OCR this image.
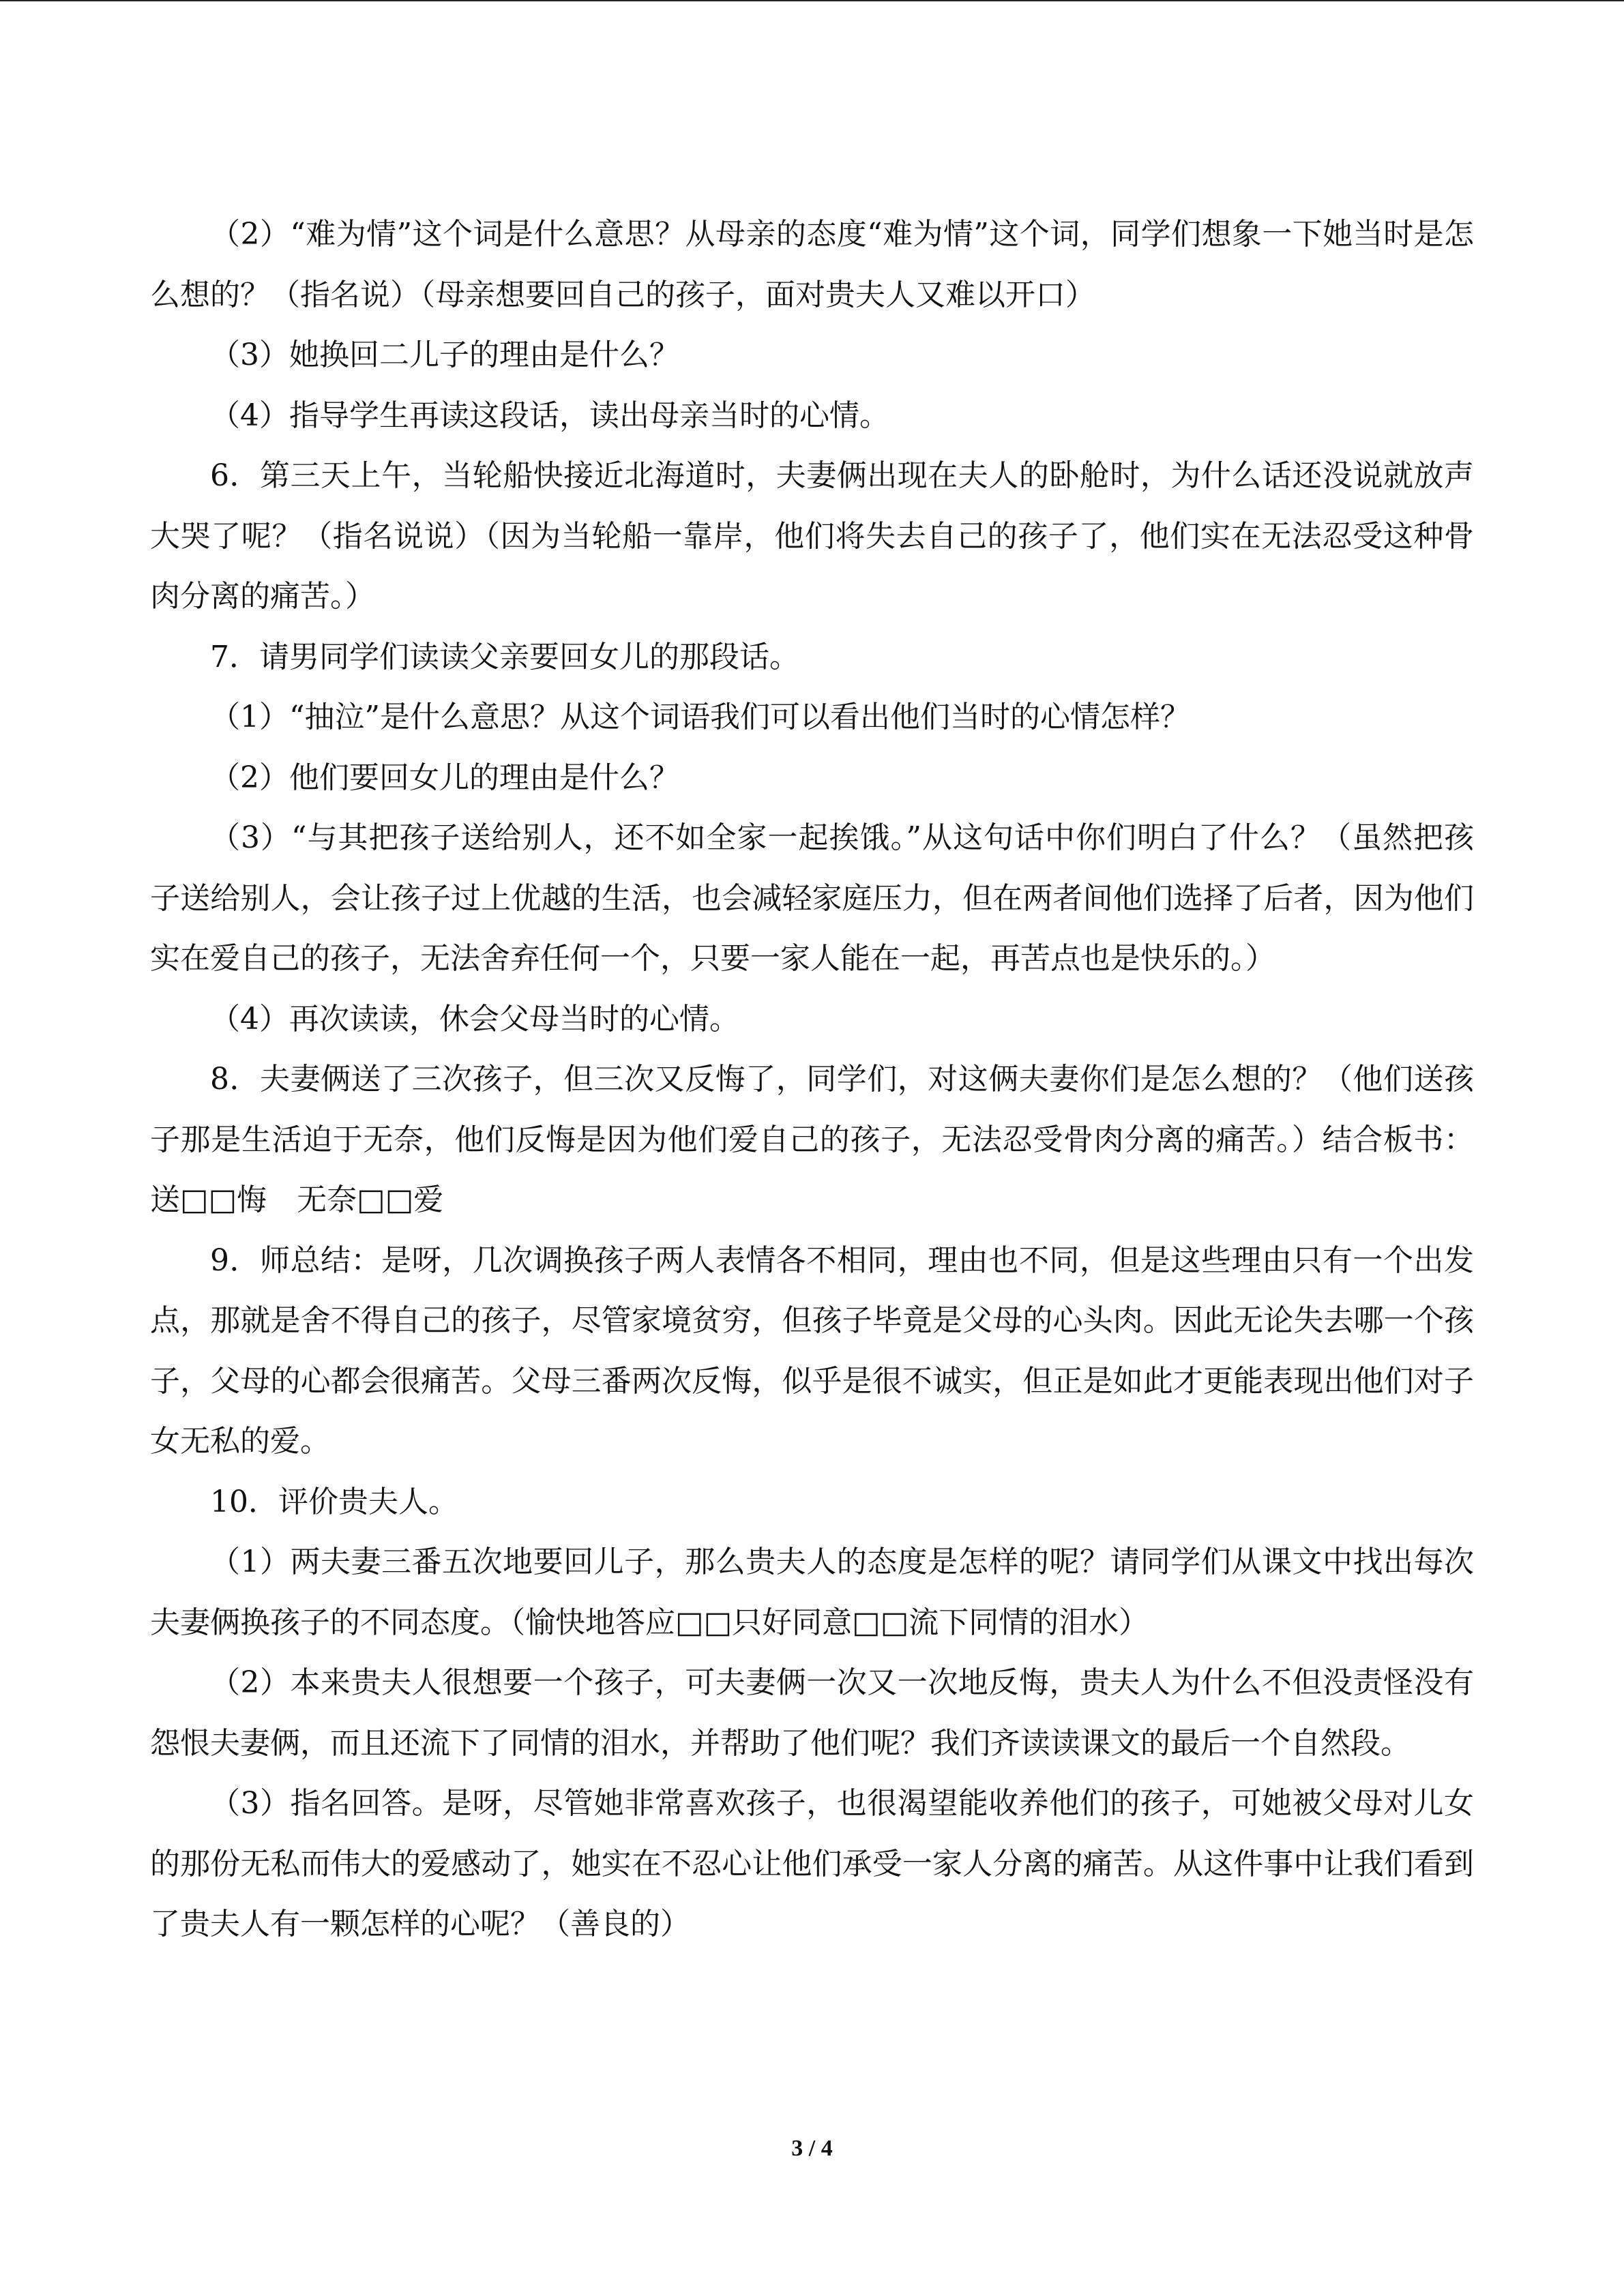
（2）“难为情”这个词是什么意思？从母亲的态度“难为情”这个词，同学们想象一下她当时是怎么想的？（指名说）（母亲想要回自己的孩子，面对贵夫人又难以开口）

（3）她换回二儿子的理由是什么？

（4）指导学生再读这段话，读出母亲当时的心情。

6．第三天上午，当轮船快接近北海道时，夫妻俩出现在夫人的卧舱时，为什么话还没说就放声大哭了呢？（指名说说）（因为当轮船一靠岸，他们将失去自己的孩子了，他们实在无法忍受这种骨肉分离的痛苦。）

7．请男同学们读读父亲要回女儿的那段话。

（1）“抽泣”是什么意思？从这个词语我们可以看出他们当时的心情怎样？

（2）他们要回女儿的理由是什么？

（3）“与其把孩子送给别人，还不如全家一起挨饿。”从这句话中你们明白了什么？（虽然把孩子送给别人，会让孩子过上优越的生活，也会减轻家庭压力，但在两者间他们选择了后者，因为他们实在爱自己的孩子，无法舍弃任何一个，只要一家人能在一起，再苦点也是快乐的。）

（4）再次读读，休会父母当时的心情。

8．夫妻俩送了三次孩子，但三次又反悔了，同学们，对这俩夫妻你们是怎么想的？（他们送孩子那是生活迫于无奈，他们反悔是因为他们爱自己的孩子，无法忍受骨肉分离的痛苦。）结合板书：送□□悔　无奈□□爱

9．师总结：是呀，几次调换孩子两人表情各不相同，理由也不同，但是这些理由只有一个出发点，那就是舍不得自己的孩子，尽管家境贫穷，但孩子毕竟是父母的心头肉。因此无论失去哪一个孩子，父母的心都会很痛苦。父母三番两次反悔，似乎是很不诚实，但正是如此才更能表现出他们对子女无私的爱。

10．评价贵夫人。

（1）两夫妻三番五次地要回儿子，那么贵夫人的态度是怎样的呢？请同学们从课文中找出每次夫妻俩换孩子的不同态度。（愉快地答应□□只好同意□□流下同情的泪水）

（2）本来贵夫人很想要一个孩子，可夫妻俩一次又一次地反悔，贵夫人为什么不但没责怪没有怨恨夫妻俩，而且还流下了同情的泪水，并帮助了他们呢？我们齐读读课文的最后一个自然段。

（3）指名回答。是呀，尽管她非常喜欢孩子，也很渴望能收养他们的孩子，可她被父母对儿女的那份无私而伟大的爱感动了，她实在不忍心让他们承受一家人分离的痛苦。从这件事中让我们看到了贵夫人有一颗怎样的心呢？（善良的）

3 / 4
